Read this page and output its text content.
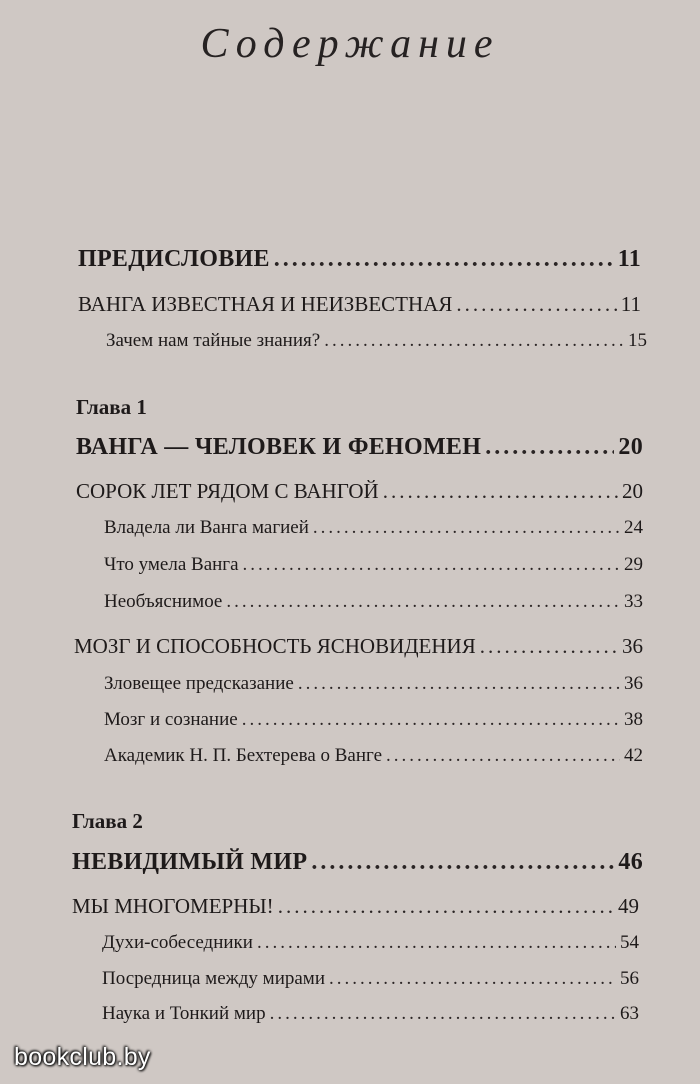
Содержание
ПРЕДИСЛОВИЕ .....	11
ВАНГА ИЗВЕСТНАЯ И НЕИЗВЕСТНАЯ .....	11
Зачем нам тайные знания? .....	15
Глава 1
ВАНГА — ЧЕЛОВЕК И ФЕНОМЕН .....	20
СОРОК ЛЕТ РЯДОМ С ВАНГОЙ .....	20
Владела ли Ванга магией .....	24
Что умела Ванга .....	29
Необъяснимое .....	33
МОЗГ И СПОСОБНОСТЬ ЯСНОВИДЕНИЯ .....	36
Зловещее предсказание .....	36
Мозг и сознание .....	38
Академик Н. П. Бехтерева о Ванге .....	42
Глава 2
НЕВИДИМЫЙ МИР .....	46
МЫ МНОГОМЕРНЫ! .....	49
Духи-собеседники .....	54
Посредница между мирами .....	56
Наука и Тонкий мир .....	63
bookclub.by
